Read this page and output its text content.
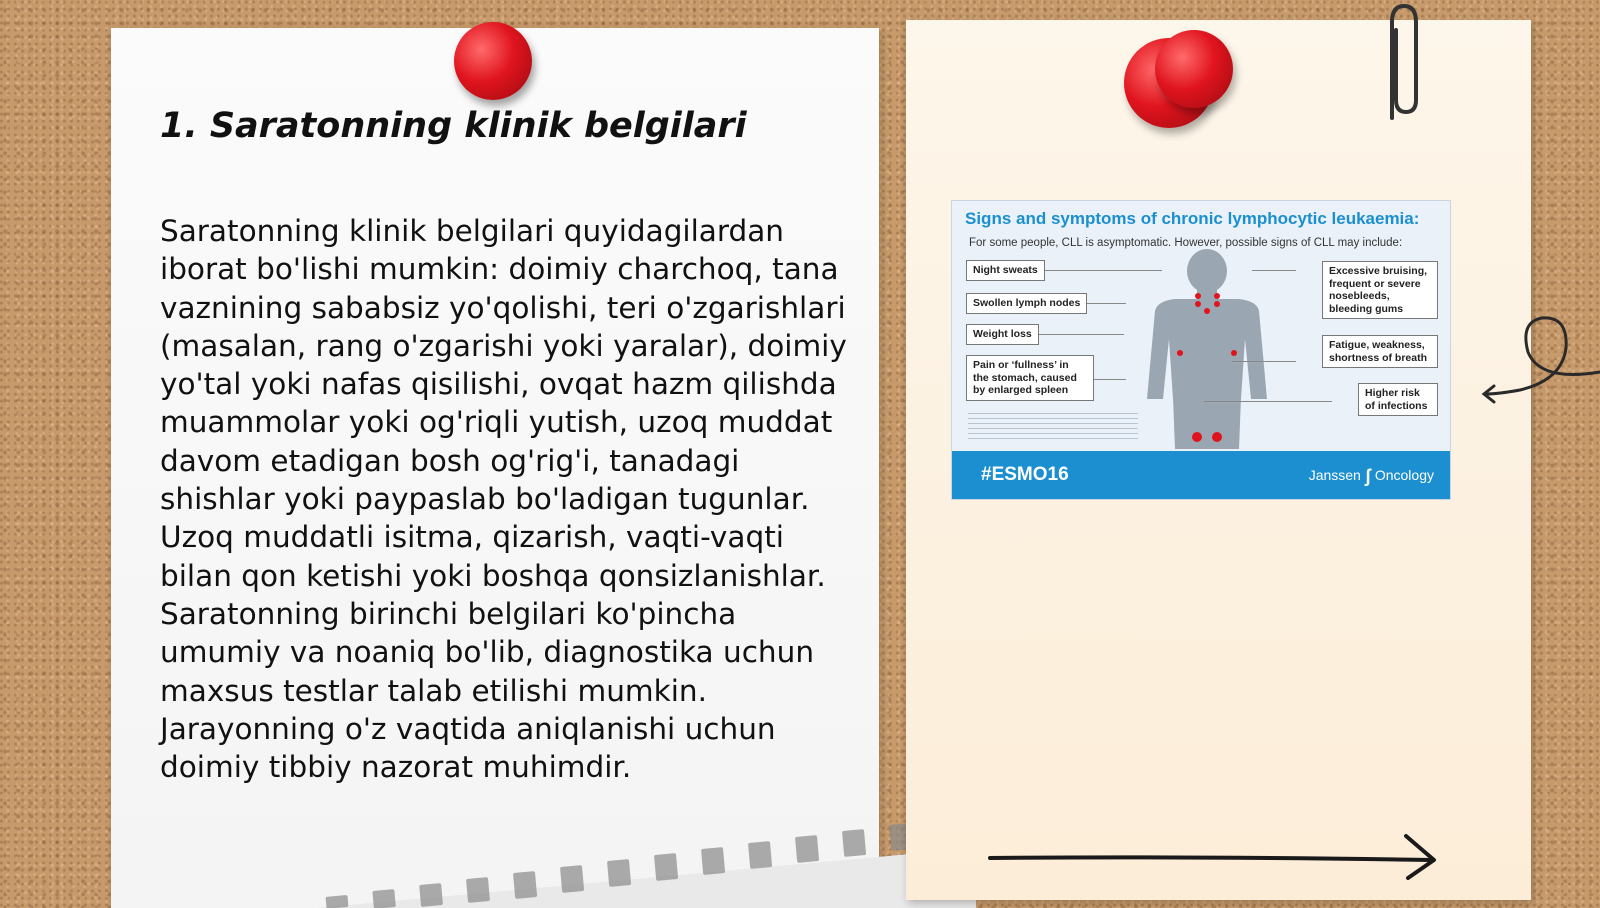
1. Saratonning klinik belgilari

Saratonning klinik belgilari quyidagilardan iborat bo'lishi mumkin: doimiy charchoq, tana vaznining sababsiz yo'qolishi, teri o'zgarishlari (masalan, rang o'zgarishi yoki yaralar), doimiy yo'tal yoki nafas qisilishi, ovqat hazm qilishda muammolar yoki og'riqli yutish, uzoq muddat davom etadigan bosh og'rig'i, tanadagi shishlar yoki paypaslab bo'ladigan tugunlar. Uzoq muddatli isitma, qizarish, vaqti-vaqti bilan qon ketishi yoki boshqa qonsizlanishlar. Saratonning birinchi belgilari ko'pincha umumiy va noaniq bo'lib, diagnostika uchun maxsus testlar talab etilishi mumkin. Jarayonning o'z vaqtida aniqlanishi uchun doimiy tibbiy nazorat muhimdir.

Signs and symptoms of chronic lymphocytic leukaemia:
For some people, CLL is asymptomatic. However, possible signs of CLL may include:
Night sweats
Swollen lymph nodes
Weight loss
Pain or ‘fullness’ in the stomach, caused by enlarged spleen
Excessive bruising, frequent or severe nosebleeds, bleeding gums
Fatigue, weakness, shortness of breath
Higher risk of infections
#ESMO16	Janssen ʃ Oncology
